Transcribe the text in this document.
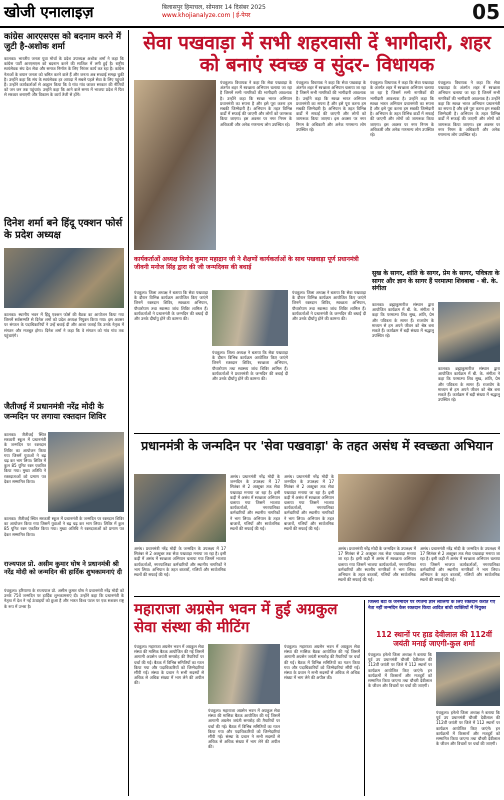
खोजी एनालाइज़	बिलासपुर हिमाचल, सोमवार 14 दिसंबर 2025
www.khojianalyze.com | ई-पेपर	05
कांग्रेस आरएसएस को बदनाम करने में जुटी है-अशोक शर्मा
कालका। भारतीय जनता युवा मोर्चा के प्रदेश उपाध्यक्ष अशोक शर्मा ने कहा कि कांग्रेस पार्टी आरएसएस को बदनाम करने की साजिश में लगी हुई है। राष्ट्रीय स्वयंसेवक संघ देश सेवा और समाज निर्माण के लिए निरंतर कार्य कर रहा है। कांग्रेस नेताओं के बयान जनता को भ्रमित करने वाले हैं और जनता अब सच्चाई समझ चुकी है। उन्होंने कहा कि संघ के स्वयंसेवक हर आपदा में सबसे पहले सेवा के लिए पहुंचते हैं। उन्होंने कार्यकर्ताओं से आह्वान किया कि वे गांव गांव जाकर सरकार की नीतियों को जन जन तक पहुंचाएं। उन्होंने कहा कि आने वाले समय में भाजपा प्रदेश में फिर से सरकार बनाएगी और विकास के कार्य तेजी से होंगे।
दिनेश शर्मा बने हिंदू एक्शन फोर्स के प्रदेश अध्यक्ष
कालका। स्थानीय भवन में हिंदू एक्शन फोर्स की बैठक का आयोजन किया गया जिसमें सर्वसम्मति से दिनेश शर्मा को प्रदेश अध्यक्ष नियुक्त किया गया। इस अवसर पर संगठन के पदाधिकारियों ने उन्हें बधाई दी और आशा जताई कि उनके नेतृत्व में संगठन और मजबूत होगा। दिनेश शर्मा ने कहा कि वे संगठन को गांव गांव तक पहुंचाएंगे।
जैतीजई में प्रधानमंत्री नरेंद्र मोदी के जन्मदिन पर लगाया रक्तदान शिविर
कालका। जैतीजई स्थित सरकारी स्कूल में प्रधानमंत्री के जन्मदिन पर रक्तदान शिविर का आयोजन किया गया जिसमें युवाओं ने बढ़ चढ़ कर भाग लिया। शिविर में कुल 85 यूनिट रक्त एकत्रित किया गया। मुख्य अतिथि ने रक्तदाताओं को प्रमाण पत्र देकर सम्मानित किया।
कालका। जैतीजई स्थित सरकारी स्कूल में प्रधानमंत्री के जन्मदिन पर रक्तदान शिविर का आयोजन किया गया जिसमें युवाओं ने बढ़ चढ़ कर भाग लिया। शिविर में कुल 85 यूनिट रक्त एकत्रित किया गया। मुख्य अतिथि ने रक्तदाताओं को प्रमाण पत्र देकर सम्मानित किया।
राज्यपाल प्रो. असीम कुमार घोष ने प्रधानमंत्री श्री नरेंद्र मोदी को जन्मदिन की हार्दिक शुभकामनाएं दी
पंचकूला। हरियाणा के राज्यपाल प्रो. असीम कुमार घोष ने प्रधानमंत्री नरेंद्र मोदी को उनके 75वें जन्मदिन पर हार्दिक शुभकामनाएं दी। उन्होंने कहा कि प्रधानमंत्री के नेतृत्व में देश ने नई ऊंचाइयों को छुआ है और भारत विश्व पटल पर एक सशक्त राष्ट्र के रूप में उभरा है।
सेवा पखवाड़ा में सभी शहरवासी दें भागीदारी, शहर को बनाएं स्वच्छ व सुंदर- विधायक
पंचकूला। विधायक ने कहा कि सेवा पखवाड़ा के अंतर्गत शहर में स्वच्छता अभियान चलाया जा रहा है जिसमें सभी नागरिकों की भागीदारी आवश्यक है। उन्होंने कहा कि स्वच्छ भारत अभियान प्रधानमंत्री का सपना है और इसे पूरा करना हम सबकी जिम्मेदारी है। अभियान के तहत विभिन्न वार्डों में सफाई की जाएगी और लोगों को जागरूक किया जाएगा। इस अवसर पर नगर निगम के अधिकारी और अनेक गणमान्य लोग उपस्थित रहे।
पंचकूला। विधायक ने कहा कि सेवा पखवाड़ा के अंतर्गत शहर में स्वच्छता अभियान चलाया जा रहा है जिसमें सभी नागरिकों की भागीदारी आवश्यक है। उन्होंने कहा कि स्वच्छ भारत अभियान प्रधानमंत्री का सपना है और इसे पूरा करना हम सबकी जिम्मेदारी है। अभियान के तहत विभिन्न वार्डों में सफाई की जाएगी और लोगों को जागरूक किया जाएगा। इस अवसर पर नगर निगम के अधिकारी और अनेक गणमान्य लोग उपस्थित रहे।
पंचकूला। विधायक ने कहा कि सेवा पखवाड़ा के अंतर्गत शहर में स्वच्छता अभियान चलाया जा रहा है जिसमें सभी नागरिकों की भागीदारी आवश्यक है। उन्होंने कहा कि स्वच्छ भारत अभियान प्रधानमंत्री का सपना है और इसे पूरा करना हम सबकी जिम्मेदारी है। अभियान के तहत विभिन्न वार्डों में सफाई की जाएगी और लोगों को जागरूक किया जाएगा। इस अवसर पर नगर निगम के अधिकारी और अनेक गणमान्य लोग उपस्थित रहे।
पंचकूला। विधायक ने कहा कि सेवा पखवाड़ा के अंतर्गत शहर में स्वच्छता अभियान चलाया जा रहा है जिसमें सभी नागरिकों की भागीदारी आवश्यक है। उन्होंने कहा कि स्वच्छ भारत अभियान प्रधानमंत्री का सपना है और इसे पूरा करना हम सबकी जिम्मेदारी है। अभियान के तहत विभिन्न वार्डों में सफाई की जाएगी और लोगों को जागरूक किया जाएगा। इस अवसर पर नगर निगम के अधिकारी और अनेक गणमान्य लोग उपस्थित रहे।
कार्यकर्ताओं अध्यक्ष विनोद कुमार महाद्रान जी ने शैक्षणों कार्यकर्ताओं के साथ पखवाड़ा पूर्ण प्रधानमंत्री जीवनी मनोज सिंह द्वारा की जी जन्मदिवस की बधाई
पंचकूला। जिला अध्यक्ष ने बताया कि सेवा पखवाड़ा के दौरान विभिन्न कार्यक्रम आयोजित किए जाएंगे जिनमें रक्तदान शिविर, स्वच्छता अभियान, पौधारोपण तथा स्वास्थ्य जांच शिविर शामिल हैं। कार्यकर्ताओं ने प्रधानमंत्री के जन्मदिन की बधाई दी और उनके दीर्घायु होने की कामना की।
पंचकूला। जिला अध्यक्ष ने बताया कि सेवा पखवाड़ा के दौरान विभिन्न कार्यक्रम आयोजित किए जाएंगे जिनमें रक्तदान शिविर, स्वच्छता अभियान, पौधारोपण तथा स्वास्थ्य जांच शिविर शामिल हैं। कार्यकर्ताओं ने प्रधानमंत्री के जन्मदिन की बधाई दी और उनके दीर्घायु होने की कामना की।
पंचकूला। जिला अध्यक्ष ने बताया कि सेवा पखवाड़ा के दौरान विभिन्न कार्यक्रम आयोजित किए जाएंगे जिनमें रक्तदान शिविर, स्वच्छता अभियान, पौधारोपण तथा स्वास्थ्य जांच शिविर शामिल हैं। कार्यकर्ताओं ने प्रधानमंत्री के जन्मदिन की बधाई दी और उनके दीर्घायु होने की कामना की।
सुख के सागर, शांति के सागर, प्रेम के सागर, पवित्रता के सागर और ज्ञान के सागर हैं परमात्मा शिव‌बाबा - बी. के. संगीता
कालका। ब्रह्माकुमारीज संस्थान द्वारा आयोजित कार्यक्रम में बी. के. संगीता ने कहा कि परमात्मा शिव सुख, शांति, प्रेम और पवित्रता के सागर हैं। राजयोग के माध्यम से हम अपने जीवन को श्रेष्ठ बना सकते हैं। कार्यक्रम में बड़ी संख्या में श्रद्धालु उपस्थित रहे।
कालका। ब्रह्माकुमारीज संस्थान द्वारा आयोजित कार्यक्रम में बी. के. संगीता ने कहा कि परमात्मा शिव सुख, शांति, प्रेम और पवित्रता के सागर हैं। राजयोग के माध्यम से हम अपने जीवन को श्रेष्ठ बना सकते हैं। कार्यक्रम में बड़ी संख्या में श्रद्धालु उपस्थित रहे।
प्रधानमंत्री के जन्मदिन पर 'सेवा पखवाड़ा' के तहत असंध में स्वच्छता अभियान
असंध। प्रधानमंत्री नरेंद्र मोदी के जन्मदिन के उपलक्ष्य में 17 सितंबर से 2 अक्टूबर तक सेवा पखवाड़ा मनाया जा रहा है। इसी कड़ी में असंध में स्वच्छता अभियान चलाया गया जिसमें भाजपा कार्यकर्ताओं, नगरपालिका कर्मचारियों और स्थानीय नागरिकों ने भाग लिया। अभियान के तहत बाजारों, गलियों और सार्वजनिक स्थलों की सफाई की गई।
असंध। प्रधानमंत्री नरेंद्र मोदी के जन्मदिन के उपलक्ष्य में 17 सितंबर से 2 अक्टूबर तक सेवा पखवाड़ा मनाया जा रहा है। इसी कड़ी में असंध में स्वच्छता अभियान चलाया गया जिसमें भाजपा कार्यकर्ताओं, नगरपालिका कर्मचारियों और स्थानीय नागरिकों ने भाग लिया। अभियान के तहत बाजारों, गलियों और सार्वजनिक स्थलों की सफाई की गई।
असंध। प्रधानमंत्री नरेंद्र मोदी के जन्मदिन के उपलक्ष्य में 17 सितंबर से 2 अक्टूबर तक सेवा पखवाड़ा मनाया जा रहा है। इसी कड़ी में असंध में स्वच्छता अभियान चलाया गया जिसमें भाजपा कार्यकर्ताओं, नगरपालिका कर्मचारियों और स्थानीय नागरिकों ने भाग लिया। अभियान के तहत बाजारों, गलियों और सार्वजनिक स्थलों की सफाई की गई।
असंध। प्रधानमंत्री नरेंद्र मोदी के जन्मदिन के उपलक्ष्य में 17 सितंबर से 2 अक्टूबर तक सेवा पखवाड़ा मनाया जा रहा है। इसी कड़ी में असंध में स्वच्छता अभियान चलाया गया जिसमें भाजपा कार्यकर्ताओं, नगरपालिका कर्मचारियों और स्थानीय नागरिकों ने भाग लिया। अभियान के तहत बाजारों, गलियों और सार्वजनिक स्थलों की सफाई की गई।
असंध। प्रधानमंत्री नरेंद्र मोदी के जन्मदिन के उपलक्ष्य में 17 सितंबर से 2 अक्टूबर तक सेवा पखवाड़ा मनाया जा रहा है। इसी कड़ी में असंध में स्वच्छता अभियान चलाया गया जिसमें भाजपा कार्यकर्ताओं, नगरपालिका कर्मचारियों और स्थानीय नागरिकों ने भाग लिया। अभियान के तहत बाजारों, गलियों और सार्वजनिक स्थलों की सफाई की गई।
महाराजा अग्रसेन भवन में हुई अग्रकुल सेवा संस्था की मीटिंग
पंचकूला। महाराजा अग्रसेन भवन में अग्रकुल सेवा संस्था की मासिक बैठक आयोजित की गई जिसमें आगामी अग्रसेन जयंती समारोह की तैयारियों पर चर्चा की गई। बैठक में विभिन्न समितियों का गठन किया गया और पदाधिकारियों को जिम्मेदारियां सौंपी गईं। संस्था के प्रधान ने सभी सदस्यों से अधिक से अधिक संख्या में भाग लेने की अपील की।
पंचकूला। महाराजा अग्रसेन भवन में अग्रकुल सेवा संस्था की मासिक बैठक आयोजित की गई जिसमें आगामी अग्रसेन जयंती समारोह की तैयारियों पर चर्चा की गई। बैठक में विभिन्न समितियों का गठन किया गया और पदाधिकारियों को जिम्मेदारियां सौंपी गईं। संस्था के प्रधान ने सभी सदस्यों से अधिक से अधिक संख्या में भाग लेने की अपील की।
पंचकूला। महाराजा अग्रसेन भवन में अग्रकुल सेवा संस्था की मासिक बैठक आयोजित की गई जिसमें आगामी अग्रसेन जयंती समारोह की तैयारियों पर चर्चा की गई। बैठक में विभिन्न समितियों का गठन किया गया और पदाधिकारियों को जिम्मेदारियां सौंपी गईं। संस्था के प्रधान ने सभी सदस्यों से अधिक से अधिक संख्या में भाग लेने की अपील की।
जिल्ला बेटी के जनमदिन पर रंगतमा ज्ञान लोलिंगी के लिए रक्तदान कराते गए नेता नहीं जन्मदिन केस रक्तदान किया आदित बांधी व्यक्तियों में नियुक्त
112 स्थानों पर हाड देवीलाल की 112वीं जयंती मनाई जाएगी-कुल शर्मा
पंचकूला। इनेलो जिला अध्यक्ष ने बताया कि पूर्व उप प्रधानमंत्री चौधरी देवीलाल की 112वीं जयंती पर जिले में 112 स्थानों पर कार्यक्रम आयोजित किए जाएंगे। इन कार्यक्रमों में किसानों और मजदूरों को सम्मानित किया जाएगा तथा चौधरी देवीलाल के जीवन और विचारों पर चर्चा की जाएगी।
पंचकूला। इनेलो जिला अध्यक्ष ने बताया कि पूर्व उप प्रधानमंत्री चौधरी देवीलाल की 112वीं जयंती पर जिले में 112 स्थानों पर कार्यक्रम आयोजित किए जाएंगे। इन कार्यक्रमों में किसानों और मजदूरों को सम्मानित किया जाएगा तथा चौधरी देवीलाल के जीवन और विचारों पर चर्चा की जाएगी।
